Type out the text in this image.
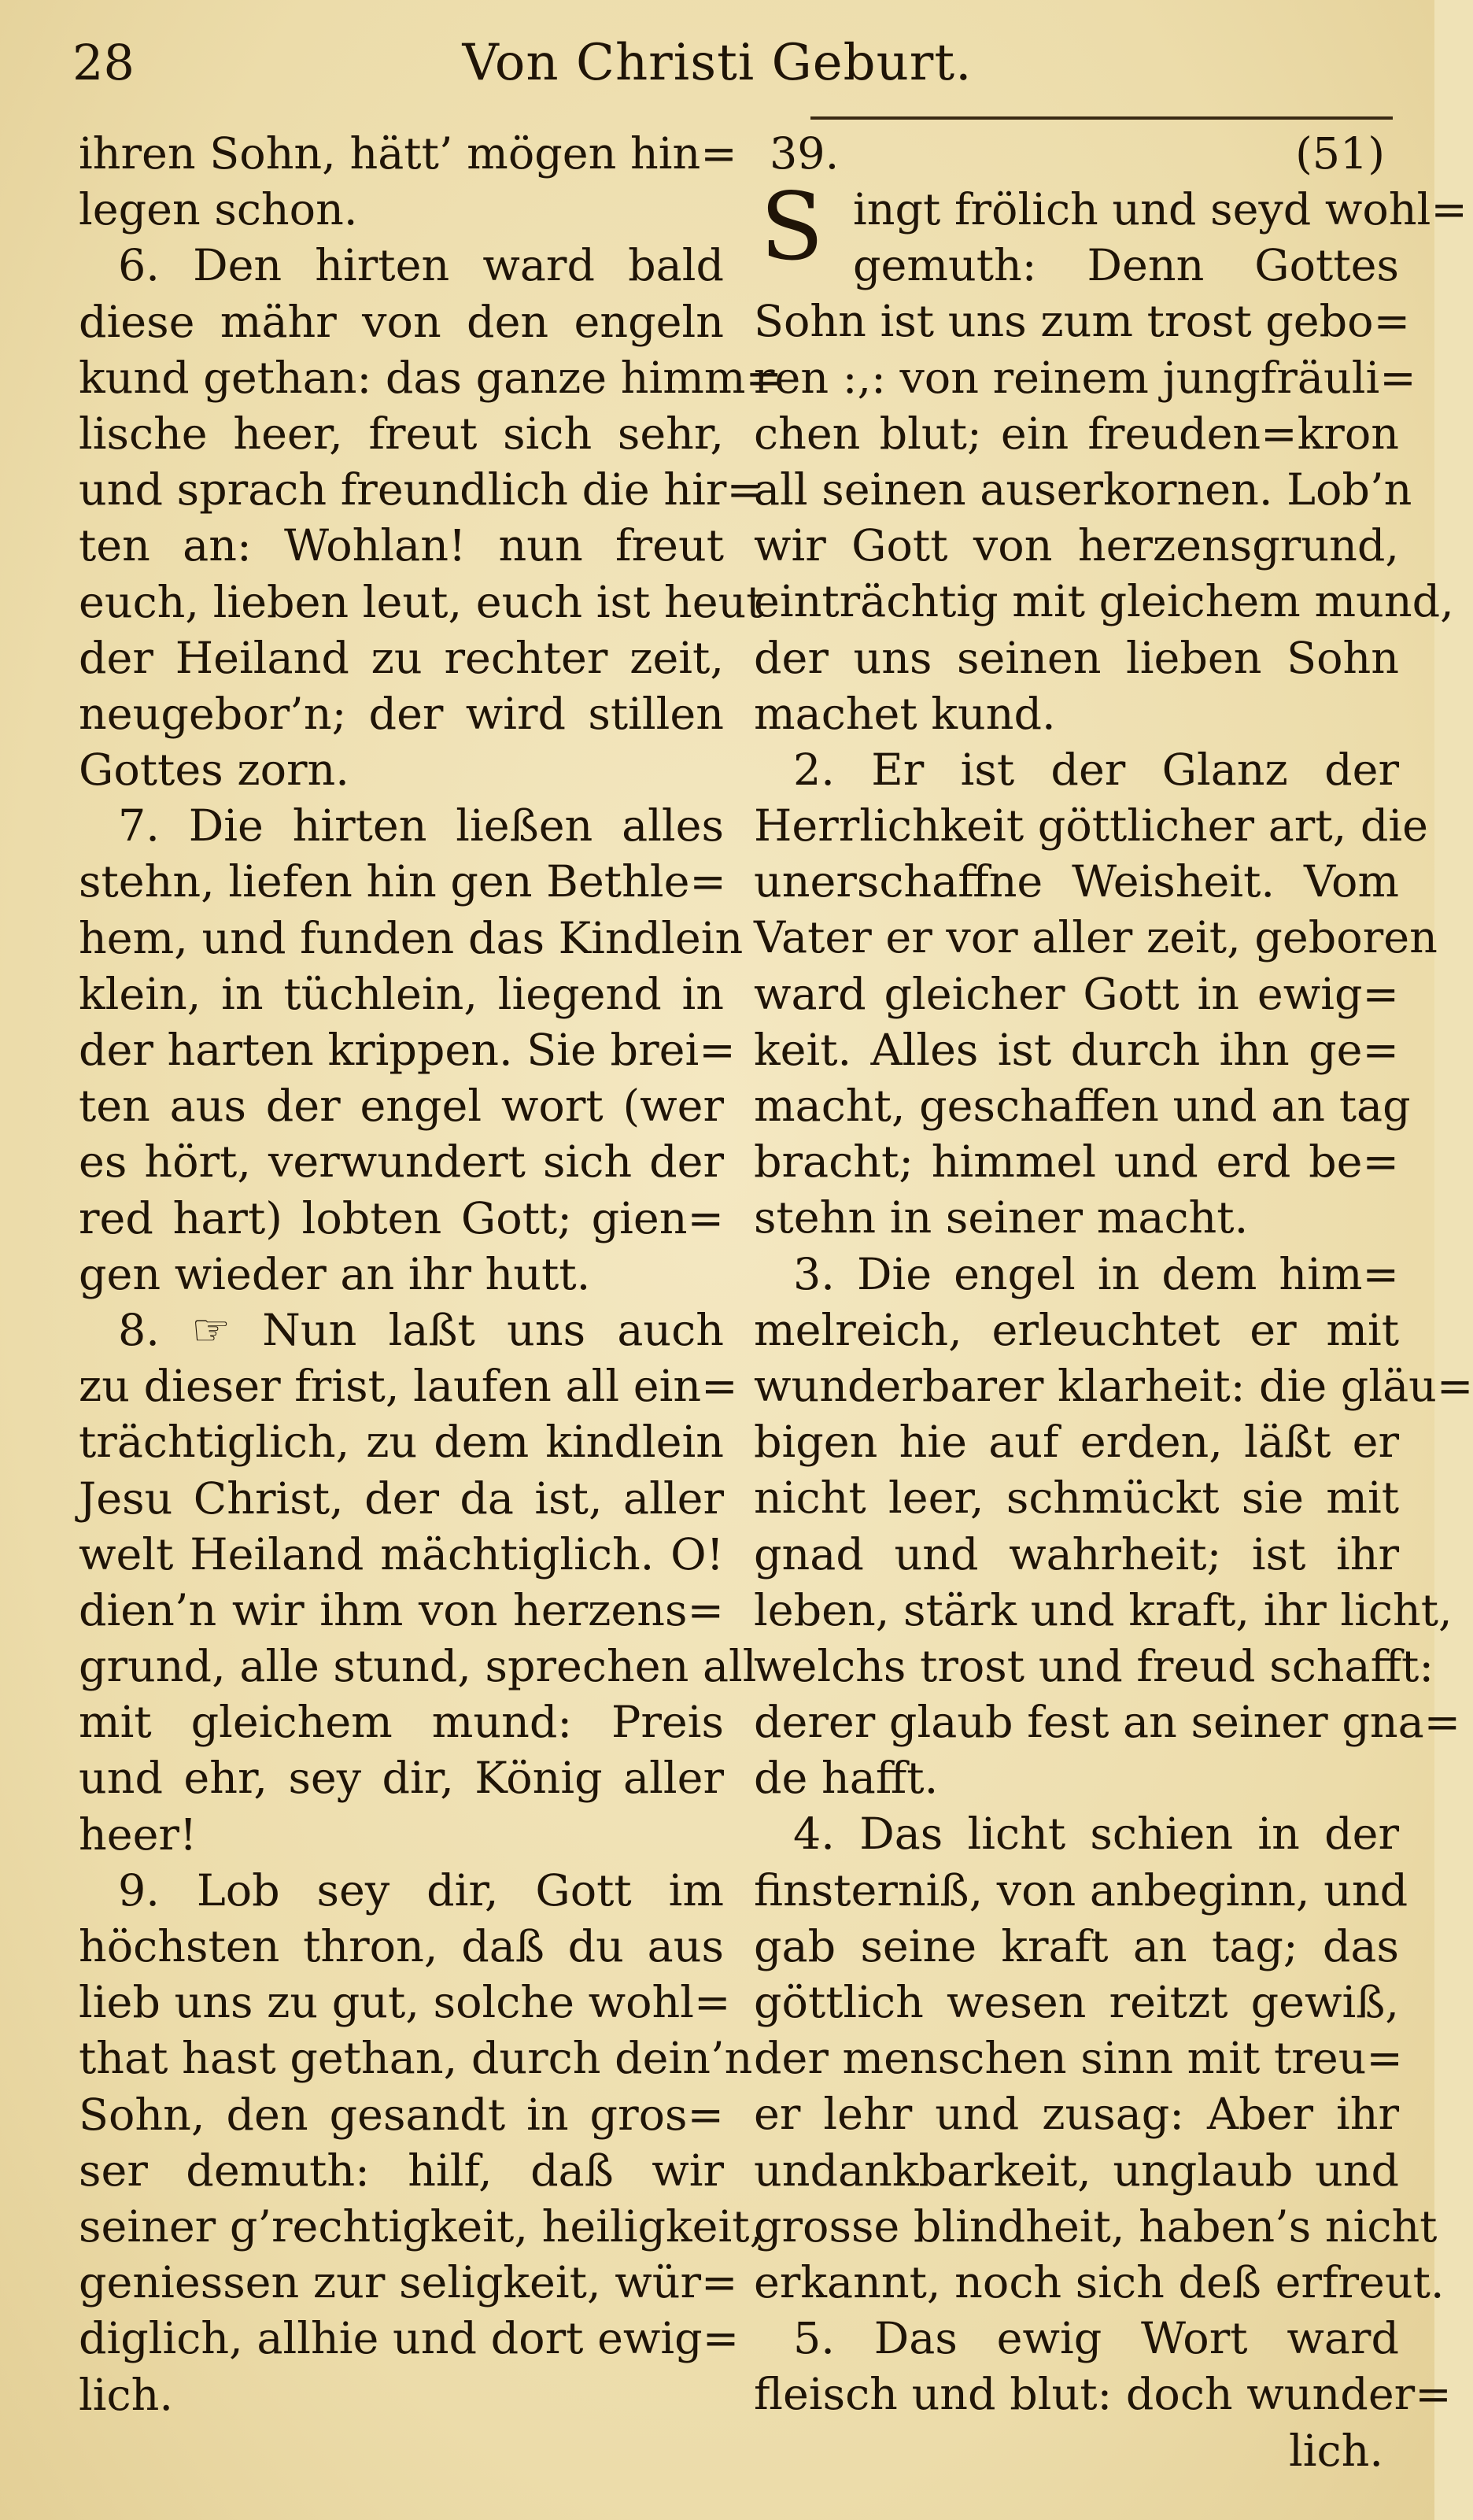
28	Von Christi Geburt.
ihren Sohn, hätt’ mögen hin=
legen schon.
6. Den hirten ward bald
diese mähr von den engeln
kund gethan: das ganze himm=
lische heer, freut sich sehr,
und sprach freundlich die hir=
ten an: Wohlan! nun freut
euch, lieben leut, euch ist heut
der Heiland zu rechter zeit,
neugebor’n; der wird stillen
Gottes zorn.
7. Die hirten ließen alles
stehn, liefen hin gen Bethle=
hem, und funden das Kindlein
klein, in tüchlein, liegend in
der harten krippen. Sie brei=
ten aus der engel wort (wer
es hört, verwundert sich der
red hart) lobten Gott; gien=
gen wieder an ihr hutt.
8. ☞ Nun laßt uns auch
zu dieser frist, laufen all ein=
trächtiglich, zu dem kindlein
Jesu Christ, der da ist, aller
welt Heiland mächtiglich. O!
dien’n wir ihm von herzens=
grund, alle stund, sprechen all
mit gleichem mund: Preis
und ehr, sey dir, König aller
heer!
9. Lob sey dir, Gott im
höchsten thron, daß du aus
lieb uns zu gut, solche wohl=
that hast gethan, durch dein’n
Sohn, den gesandt in gros=
ser demuth: hilf, daß wir
seiner g’rechtigkeit, heiligkeit,
geniessen zur seligkeit, wür=
diglich, allhie und dort ewig=
lich.
39.	(51)
S ingt frölich und seyd wohl=
gemuth: Denn Gottes
Sohn ist uns zum trost gebo=
ren :,: von reinem jungfräuli=
chen blut; ein freuden=kron
all seinen auserkornen. Lob’n
wir Gott von herzensgrund,
einträchtig mit gleichem mund,
der uns seinen lieben Sohn
machet kund.
2. Er ist der Glanz der
Herrlichkeit göttlicher art, die
unerschaffne Weisheit. Vom
Vater er vor aller zeit, geboren
ward gleicher Gott in ewig=
keit. Alles ist durch ihn ge=
macht, geschaffen und an tag
bracht; himmel und erd be=
stehn in seiner macht.
3. Die engel in dem him=
melreich, erleuchtet er mit
wunderbarer klarheit: die gläu=
bigen hie auf erden, läßt er
nicht leer, schmückt sie mit
gnad und wahrheit; ist ihr
leben, stärk und kraft, ihr licht,
welchs trost und freud schafft:
derer glaub fest an seiner gna=
de hafft.
4. Das licht schien in der
finsterniß, von anbeginn, und
gab seine kraft an tag; das
göttlich wesen reitzt gewiß,
der menschen sinn mit treu=
er lehr und zusag: Aber ihr
undankbarkeit, unglaub und
grosse blindheit, haben’s nicht
erkannt, noch sich deß erfreut.
5. Das ewig Wort ward
fleisch und blut: doch wunder=
lich.
